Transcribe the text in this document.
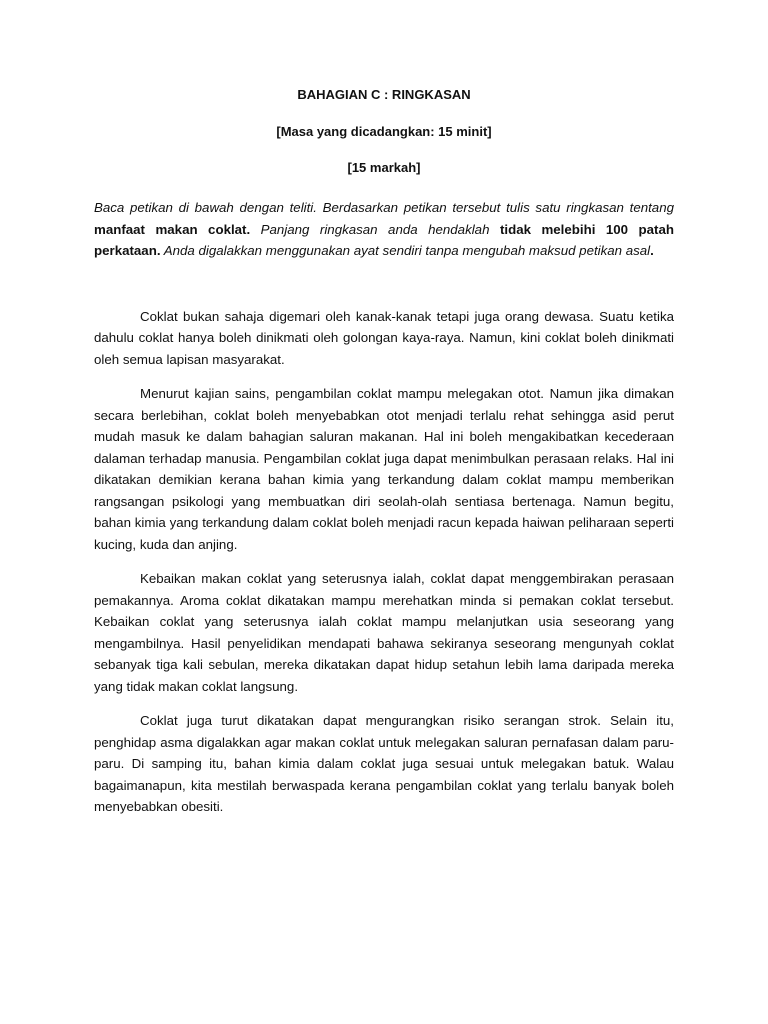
BAHAGIAN C : RINGKASAN

[Masa yang dicadangkan: 15 minit]

[15 markah]

Baca petikan di bawah dengan teliti. Berdasarkan petikan tersebut tulis satu ringkasan tentang manfaat makan coklat. Panjang ringkasan anda hendaklah tidak melebihi 100 patah perkataan. Anda digalakkan menggunakan ayat sendiri tanpa mengubah maksud petikan asal.

Coklat bukan sahaja digemari oleh kanak-kanak tetapi juga orang dewasa. Suatu ketika dahulu coklat hanya boleh dinikmati oleh golongan kaya-raya. Namun, kini coklat boleh dinikmati oleh semua lapisan masyarakat.

Menurut kajian sains, pengambilan coklat mampu melegakan otot. Namun jika dimakan secara berlebihan, coklat boleh menyebabkan otot menjadi terlalu rehat sehingga asid perut mudah masuk ke dalam bahagian saluran makanan. Hal ini boleh mengakibatkan kecederaan dalaman terhadap manusia. Pengambilan coklat juga dapat menimbulkan perasaan relaks. Hal ini dikatakan demikian kerana bahan kimia yang terkandung dalam coklat mampu memberikan rangsangan psikologi yang membuatkan diri seolah-olah sentiasa bertenaga. Namun begitu, bahan kimia yang terkandung dalam coklat boleh menjadi racun kepada haiwan peliharaan seperti kucing, kuda dan anjing.

Kebaikan makan coklat yang seterusnya ialah, coklat dapat menggembirakan perasaan pemakannya. Aroma coklat dikatakan mampu merehatkan minda si pemakan coklat tersebut. Kebaikan coklat yang seterusnya ialah coklat mampu melanjutkan usia seseorang yang mengambilnya. Hasil penyelidikan mendapati bahawa sekiranya seseorang mengunyah coklat sebanyak tiga kali sebulan, mereka dikatakan dapat hidup setahun lebih lama daripada mereka yang tidak makan coklat langsung.

Coklat juga turut dikatakan dapat mengurangkan risiko serangan strok. Selain itu, penghidap asma digalakkan agar makan coklat untuk melegakan saluran pernafasan dalam paru-paru. Di samping itu, bahan kimia dalam coklat juga sesuai untuk melegakan batuk. Walau bagaimanapun, kita mestilah berwaspada kerana pengambilan coklat yang terlalu banyak boleh menyebabkan obesiti.
